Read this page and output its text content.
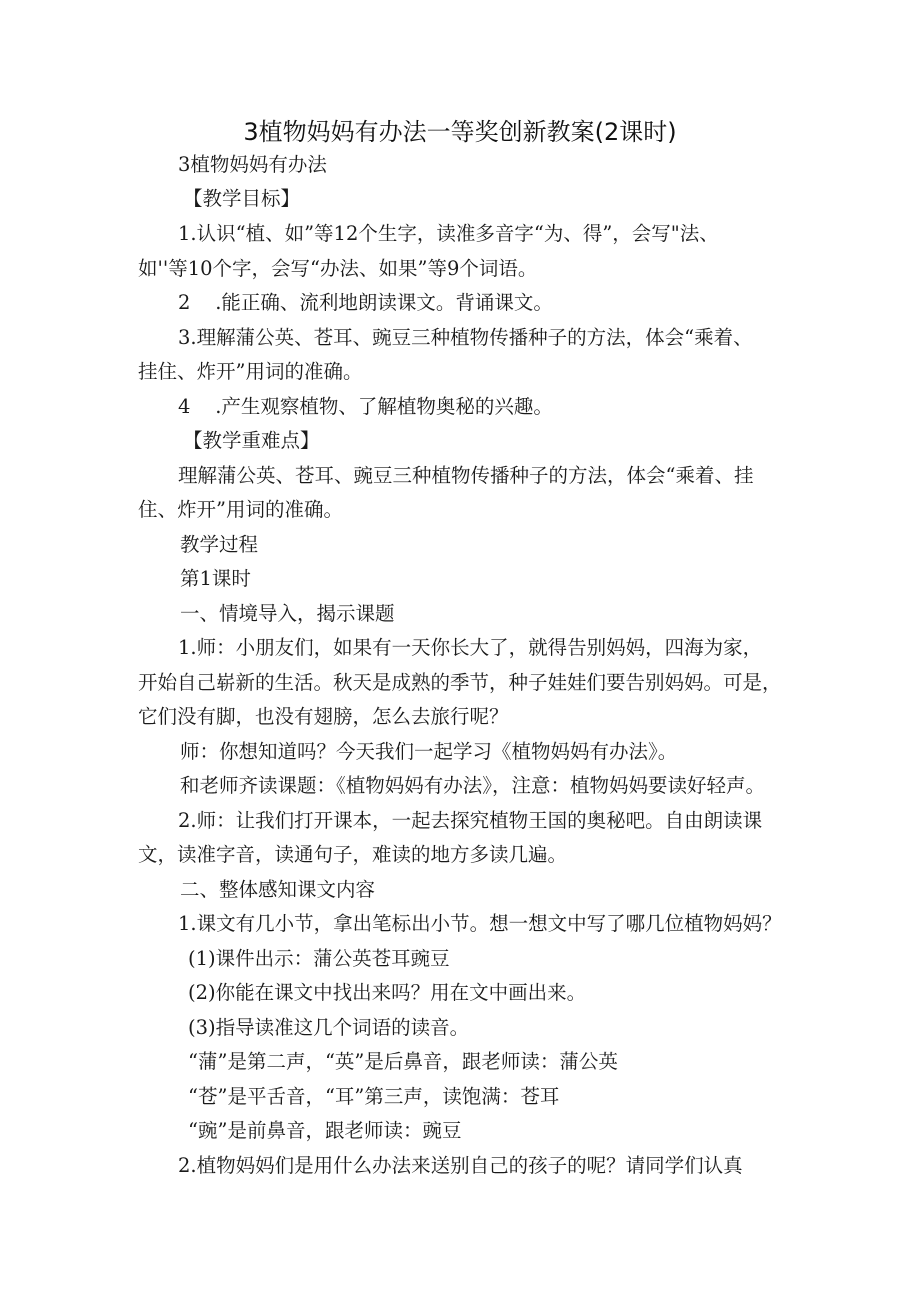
3植物妈妈有办法一等奖创新教案(2课时)
3植物妈妈有办法
【教学目标】
1.认识“植、如”等12个生字，读准多音字“为、得”，会写"法、
如''等10个字，会写“办法、如果”等9个词语。
2    .能正确、流利地朗读课文。背诵课文。
3.理解蒲公英、苍耳、豌豆三种植物传播种子的方法，体会“乘着、
挂住、炸开”用词的准确。
4    .产生观察植物、了解植物奥秘的兴趣。
【教学重难点】
理解蒲公英、苍耳、豌豆三种植物传播种子的方法，体会“乘着、挂
住、炸开”用词的准确。
教学过程
第1课时
一、情境导入，揭示课题
1.师：小朋友们，如果有一天你长大了，就得告别妈妈，四海为家，
开始自己崭新的生活。秋天是成熟的季节，种子娃娃们要告别妈妈。可是，
它们没有脚，也没有翅膀，怎么去旅行呢？
师：你想知道吗？今天我们一起学习《植物妈妈有办法》。
和老师齐读课题：《植物妈妈有办法》，注意：植物妈妈要读好轻声。
2.师：让我们打开课本，一起去探究植物王国的奥秘吧。自由朗读课
文，读准字音，读通句子，难读的地方多读几遍。
二、整体感知课文内容
1.课文有几小节，拿出笔标出小节。想一想文中写了哪几位植物妈妈？
(1)课件出示：蒲公英苍耳豌豆
(2)你能在课文中找出来吗？用在文中画出来。
(3)指导读准这几个词语的读音。
“蒲”是第二声，“英”是后鼻音，跟老师读：蒲公英
“苍”是平舌音，“耳”第三声，读饱满：苍耳
“豌”是前鼻音，跟老师读：豌豆
2.植物妈妈们是用什么办法来送别自己的孩子的呢？请同学们认真
